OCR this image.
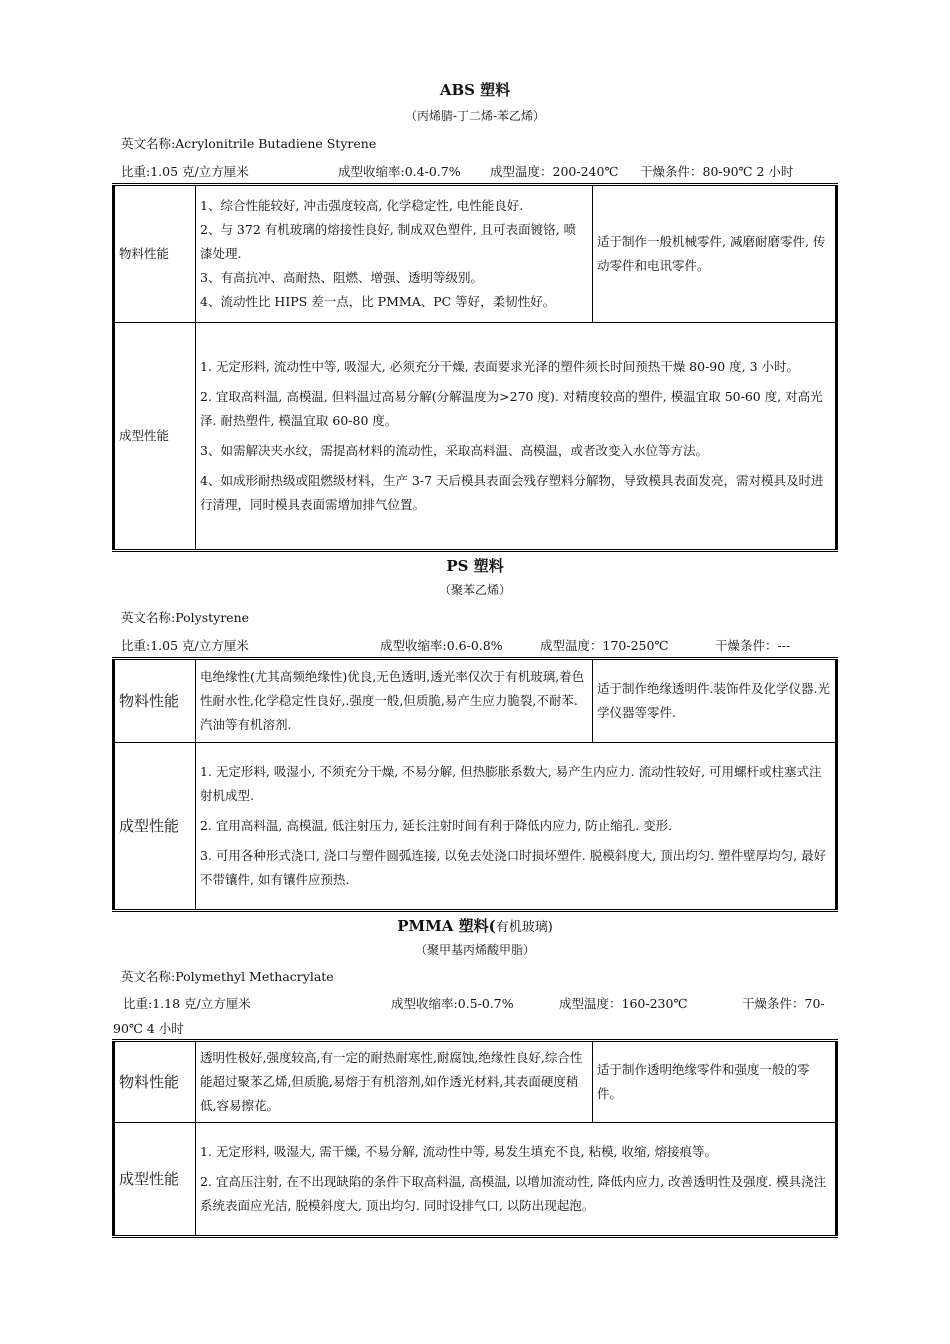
ABS 塑料
（丙烯腈-丁二烯-苯乙烯）
英文名称:Acrylonitrile Butadiene Styrene
比重:1.05 克/立方厘米	成型收缩率:0.4-0.7% 成型温度：200-240℃ 干燥条件：80-90℃ 2 小时
物料性能	1、综合性能较好, 冲击强度较高, 化学稳定性, 电性能良好.

2、与 372 有机玻璃的熔接性良好, 制成双色塑件, 且可表面镀铬, 喷漆处理.

3、有高抗冲、高耐热、阻燃、增强、透明等级别。

4、流动性比 HIPS 差一点，比 PMMA、PC 等好，柔韧性好。	适于制作一般机械零件, 减磨耐磨零件, 传动零件和电讯零件。
成型性能	1. 无定形料, 流动性中等, 吸湿大, 必须充分干燥, 表面要求光泽的塑件须长时间预热干燥 80-90 度, 3 小时。

2. 宜取高料温, 高模温, 但料温过高易分解(分解温度为>270 度). 对精度较高的塑件, 模温宜取 50-60 度, 对高光泽. 耐热塑件, 模温宜取 60-80 度。

3、如需解决夹水纹，需提高材料的流动性，采取高料温、高模温，或者改变入水位等方法。

4、如成形耐热级或阻燃级材料，生产 3-7 天后模具表面会残存塑料分解物，导致模具表面发亮，需对模具及时进行清理，同时模具表面需增加排气位置。	

PS 塑料
（聚苯乙烯）
英文名称:Polystyrene
比重:1.05 克/立方厘米	成型收缩率:0.6-0.8%	成型温度：170-250℃	干燥条件：---
物料性能	电绝缘性(尤其高频绝缘性)优良,无色透明,透光率仅次于有机玻璃,着色性耐水性,化学稳定性良好,.强度一般,但质脆,易产生应力脆裂,不耐苯.汽油等有机溶剂.	适于制作绝缘透明件.装饰件及化学仪器.光学仪器等零件.
成型性能	1. 无定形料, 吸湿小, 不须充分干燥, 不易分解, 但热膨胀系数大, 易产生内应力. 流动性较好, 可用螺杆或柱塞式注射机成型.

2. 宜用高料温, 高模温, 低注射压力, 延长注射时间有利于降低内应力, 防止缩孔. 变形.

3. 可用各种形式浇口, 浇口与塑件圆弧连接, 以免去处浇口时损坏塑件. 脱模斜度大, 顶出均匀. 塑件壁厚均匀, 最好不带镶件, 如有镶件应预热.	

PMMA 塑料(有机玻璃)
（聚甲基丙烯酸甲脂）
英文名称:Polymethyl Methacrylate
比重:1.18 克/立方厘米	成型收缩率:0.5-0.7%	成型温度：160-230℃	干燥条件：70-
90℃ 4 小时
物料性能	透明性极好,强度较高,有一定的耐热耐寒性,耐腐蚀,绝缘性良好,综合性能超过聚苯乙烯,但质脆,易熔于有机溶剂,如作透光材料,其表面硬度稍低,容易擦花。	适于制作透明绝缘零件和强度一般的零件。
成型性能	1. 无定形料, 吸湿大, 需干燥, 不易分解, 流动性中等, 易发生填充不良, 粘模, 收缩, 熔接痕等。

2. 宜高压注射, 在不出现缺陷的条件下取高料温, 高模温, 以增加流动性, 降低内应力, 改善透明性及强度. 模具浇注系统表面应光洁, 脱模斜度大, 顶出均匀. 同时设排气口, 以防出现起泡。	
